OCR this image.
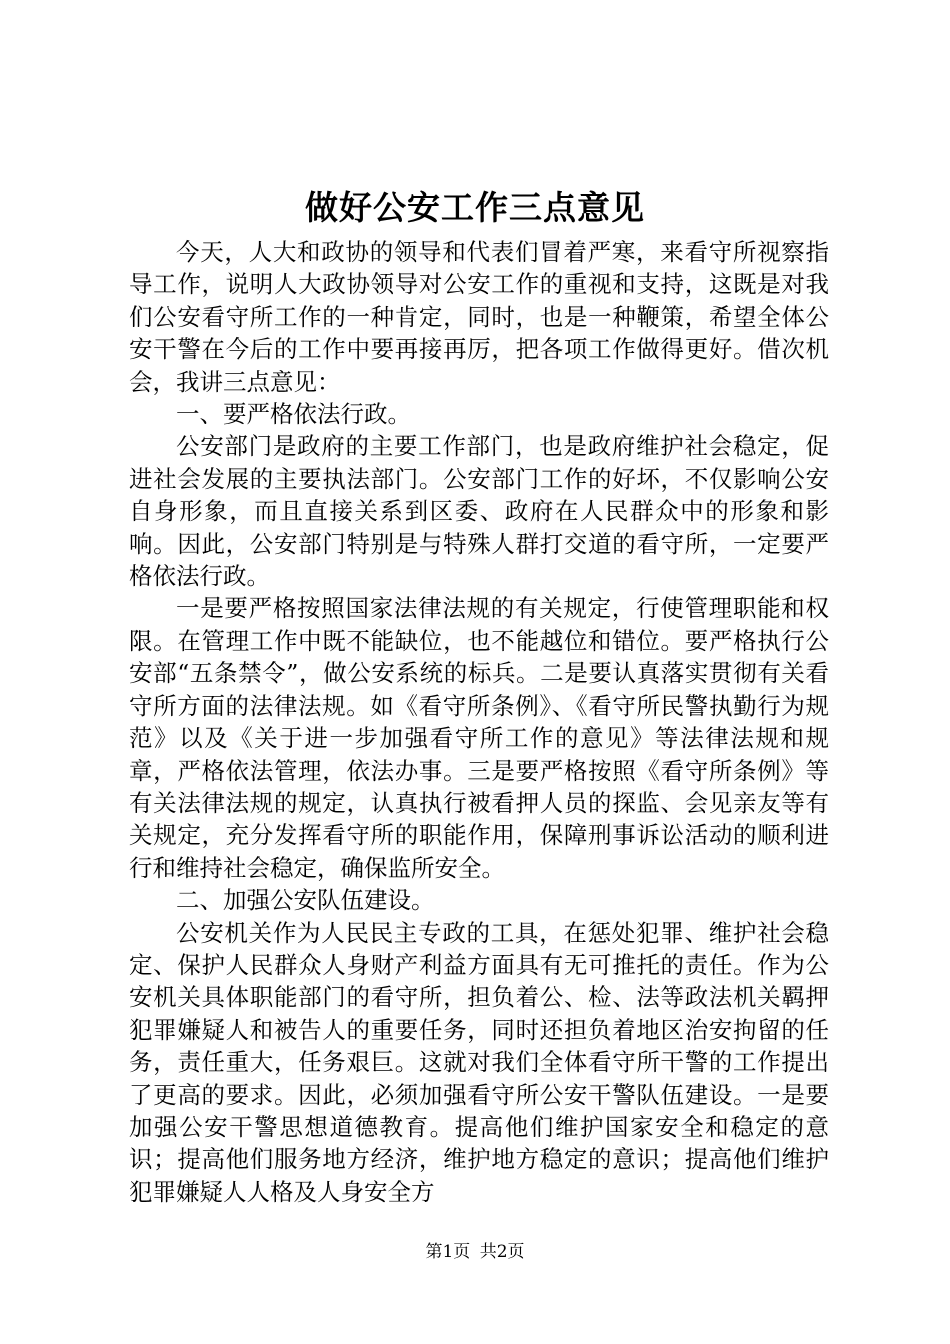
做好公安工作三点意见

今天，人大和政协的领导和代表们冒着严寒，来看守所视察指导工作，说明人大政协领导对公安工作的重视和支持，这既是对我们公安看守所工作的一种肯定，同时，也是一种鞭策，希望全体公安干警在今后的工作中要再接再厉，把各项工作做得更好。借次机会，我讲三点意见：

一、要严格依法行政。

公安部门是政府的主要工作部门，也是政府维护社会稳定，促进社会发展的主要执法部门。公安部门工作的好坏，不仅影响公安自身形象，而且直接关系到区委、政府在人民群众中的形象和影响。因此，公安部门特别是与特殊人群打交道的看守所，一定要严格依法行政。

一是要严格按照国家法律法规的有关规定，行使管理职能和权限。在管理工作中既不能缺位，也不能越位和错位。要严格执行公安部“五条禁令”，做公安系统的标兵。二是要认真落实贯彻有关看守所方面的法律法规。如《看守所条例》、《看守所民警执勤行为规范》以及《关于进一步加强看守所工作的意见》等法律法规和规章，严格依法管理，依法办事。三是要严格按照《看守所条例》等有关法律法规的规定，认真执行被看押人员的探监、会见亲友等有关规定，充分发挥看守所的职能作用，保障刑事诉讼活动的顺利进行和维持社会稳定，确保监所安全。

二、加强公安队伍建设。

公安机关作为人民民主专政的工具，在惩处犯罪、维护社会稳定、保护人民群众人身财产利益方面具有无可推托的责任。作为公安机关具体职能部门的看守所，担负着公、检、法等政法机关羁押犯罪嫌疑人和被告人的重要任务，同时还担负着地区治安拘留的任务，责任重大，任务艰巨。这就对我们全体看守所干警的工作提出了更高的要求。因此，必须加强看守所公安干警队伍建设。一是要加强公安干警思想道德教育。提高他们维护国家安全和稳定的意识；提高他们服务地方经济，维护地方稳定的意识；提高他们维护犯罪嫌疑人人格及人身安全方

第1页 共2页
